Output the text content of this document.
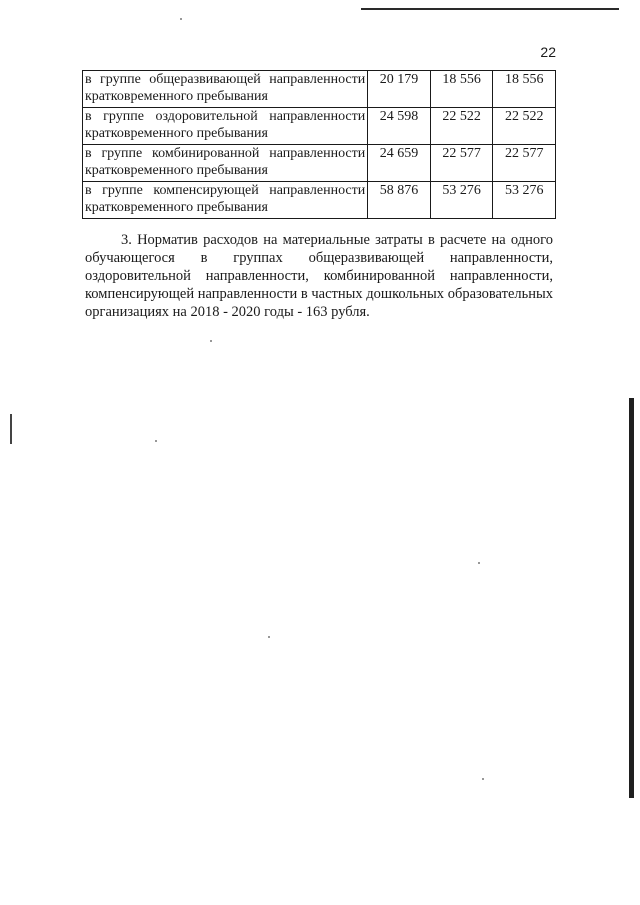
22
в группе общеразвивающей направленности кратковременного пребывания	20 179	18 556	18 556
в группе оздоровительной направленности кратковременного пребывания	24 598	22 522	22 522
в группе комбинированной направленности кратковременного пребывания	24 659	22 577	22 577
в группе компенсирующей направленности кратковременного пребывания	58 876	53 276	53 276

3. Норматив расходов на материальные затраты в расчете на одного обучающегося в группах общеразвивающей направленности, оздоровительной направленности, комбинированной направленности, компенсирующей направленности в частных дошкольных образовательных организациях на 2018 - 2020 годы - 163 рубля.
